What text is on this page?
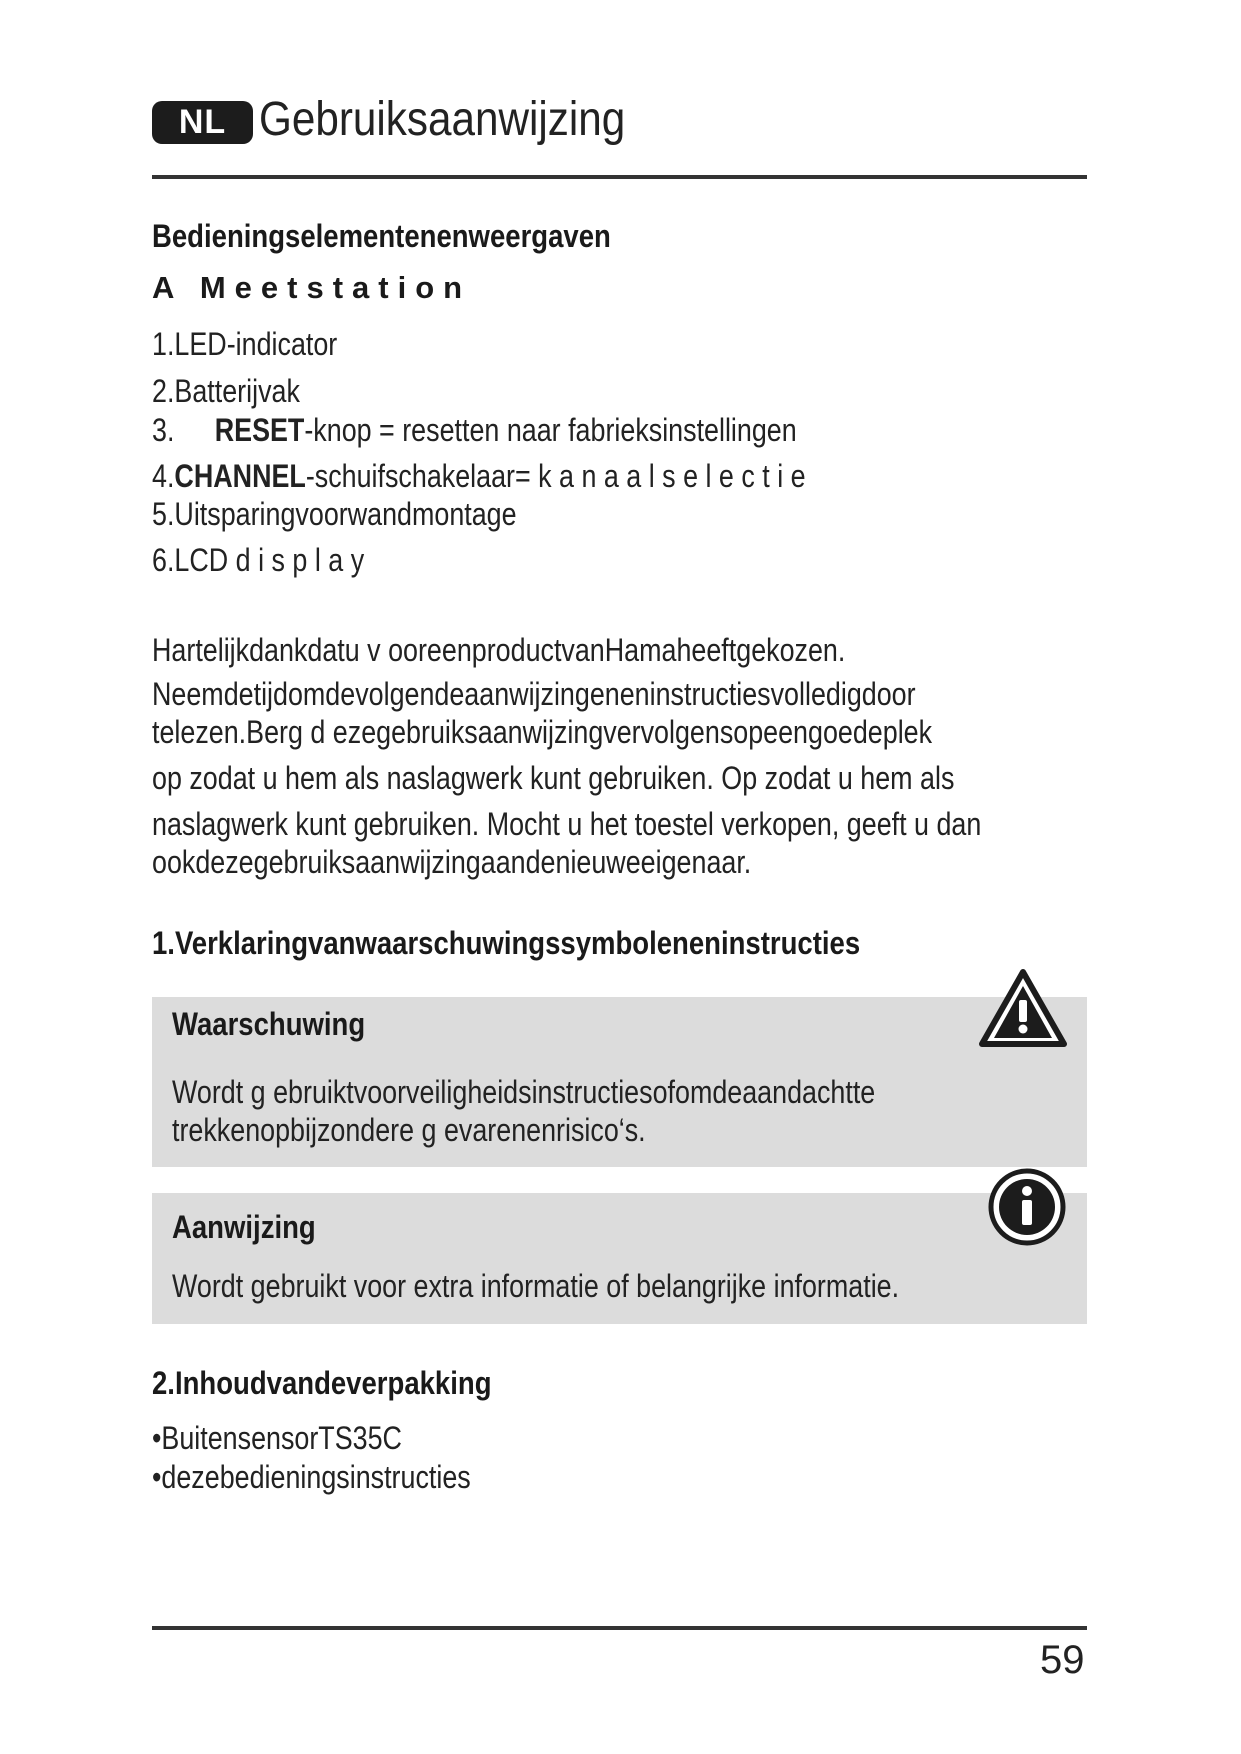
NL Gebruiksaanwijzing
Bedieningselementenenweergaven
A Meetstation
1.LED-indicator
2.Batterijvak
3. RESET-knop = resetten naar fabrieksinstellingen
4.CHANNEL-schuifschakelaar= k a n a a l s e l e c t i e
5.Uitsparingvoorwandmontage
6.LCD d i s p l a y
Hartelijkdankdatu v ooreenproductvanHamaheeftgekozen.
Neemdetijdomdevolgendeaanwijzingeneninstructiesvolledigdoor
telezen.Berg d ezegebruiksaanwijzingvervolgensopeengoedeplek
op zodat u hem als naslagwerk kunt gebruiken. Op zodat u hem als
naslagwerk kunt gebruiken. Mocht u het toestel verkopen, geeft u dan
ookdezegebruiksaanwijzingaandenieuweeigenaar.
1.Verklaringvanwaarschuwingssymboleneninstructies
Waarschuwing
Wordt g ebruiktvoorveiligheidsinstructiesofomdeaandachtte
trekkenopbijzondere g evarenenrisico‘s.
Aanwijzing
Wordt gebruikt voor extra informatie of belangrijke informatie.
2.Inhoudvandeverpakking
•BuitensensorTS35C
•dezebedieningsinstructies
59
